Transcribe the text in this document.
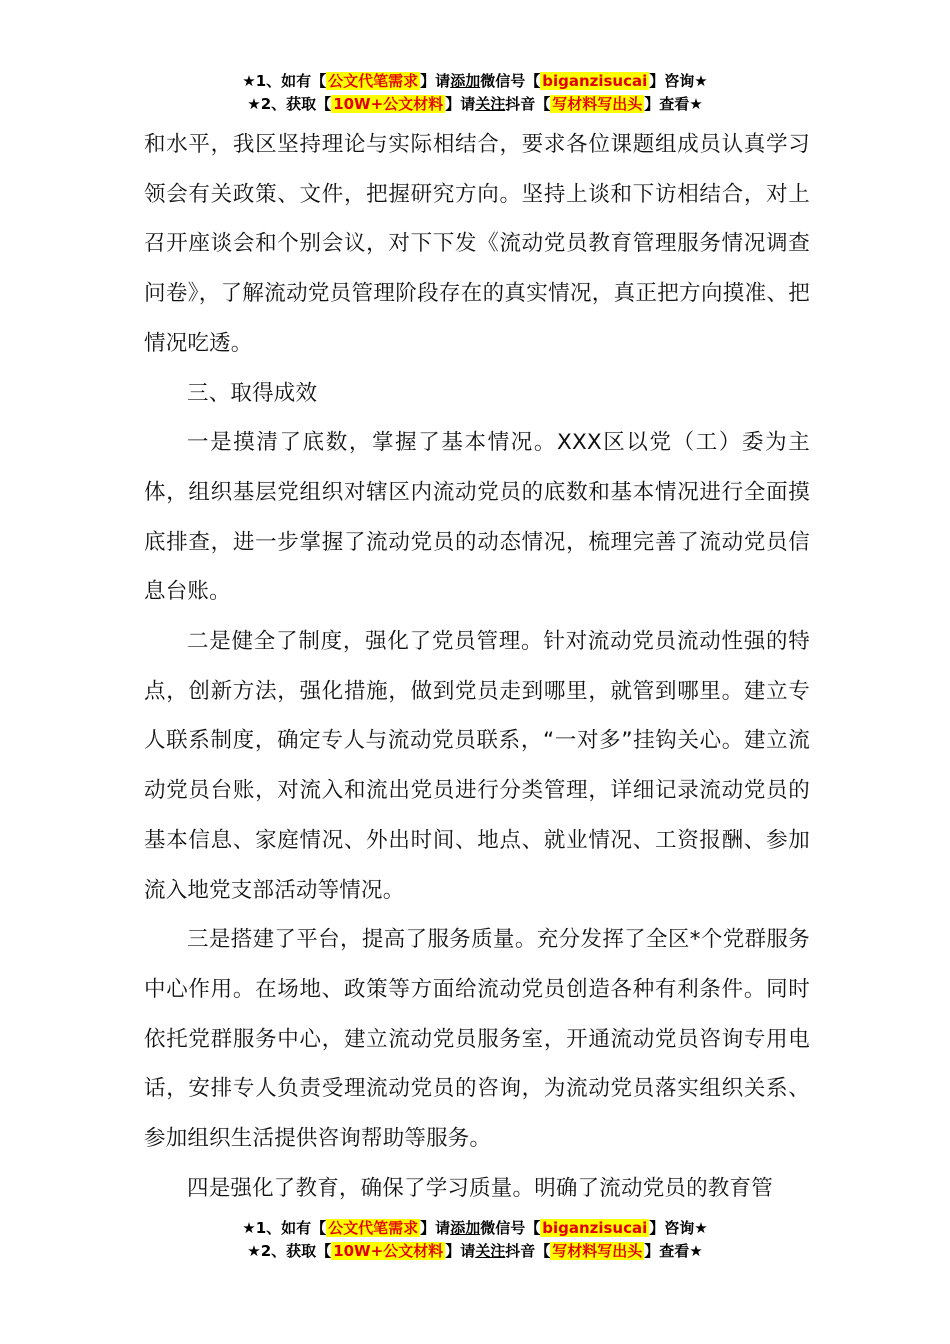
★1、如有【 公文代笔需求 】请添加微信号【 biganzisucai 】咨询★
★2、获取【 10W+公文材料 】请关注抖音【 写材料写出头 】查看★

和水平，我区坚持理论与实际相结合，要求各位课题组成员认真学习领会有关政策、文件，把握研究方向。坚持上谈和下访相结合，对上召开座谈会和个别会议，对下下发《流动党员教育管理服务情况调查问卷》，了解流动党员管理阶段存在的真实情况，真正把方向摸准、把情况吃透。

三、取得成效

一是摸清了底数，掌握了基本情况。XXX区以党（工）委为主体，组织基层党组织对辖区内流动党员的底数和基本情况进行全面摸底排查，进一步掌握了流动党员的动态情况，梳理完善了流动党员信息台账。

二是健全了制度，强化了党员管理。针对流动党员流动性强的特点，创新方法，强化措施，做到党员走到哪里，就管到哪里。建立专人联系制度，确定专人与流动党员联系，“一对多”挂钩关心。建立流动党员台账，对流入和流出党员进行分类管理，详细记录流动党员的基本信息、家庭情况、外出时间、地点、就业情况、工资报酬、参加流入地党支部活动等情况。

三是搭建了平台，提高了服务质量。充分发挥了全区*个党群服务中心作用。在场地、政策等方面给流动党员创造各种有利条件。同时依托党群服务中心，建立流动党员服务室，开通流动党员咨询专用电话，安排专人负责受理流动党员的咨询，为流动党员落实组织关系、参加组织生活提供咨询帮助等服务。

四是强化了教育，确保了学习质量。明确了流动党员的教育管

★1、如有【 公文代笔需求 】请添加微信号【 biganzisucai 】咨询★
★2、获取【 10W+公文材料 】请关注抖音【 写材料写出头 】查看★
